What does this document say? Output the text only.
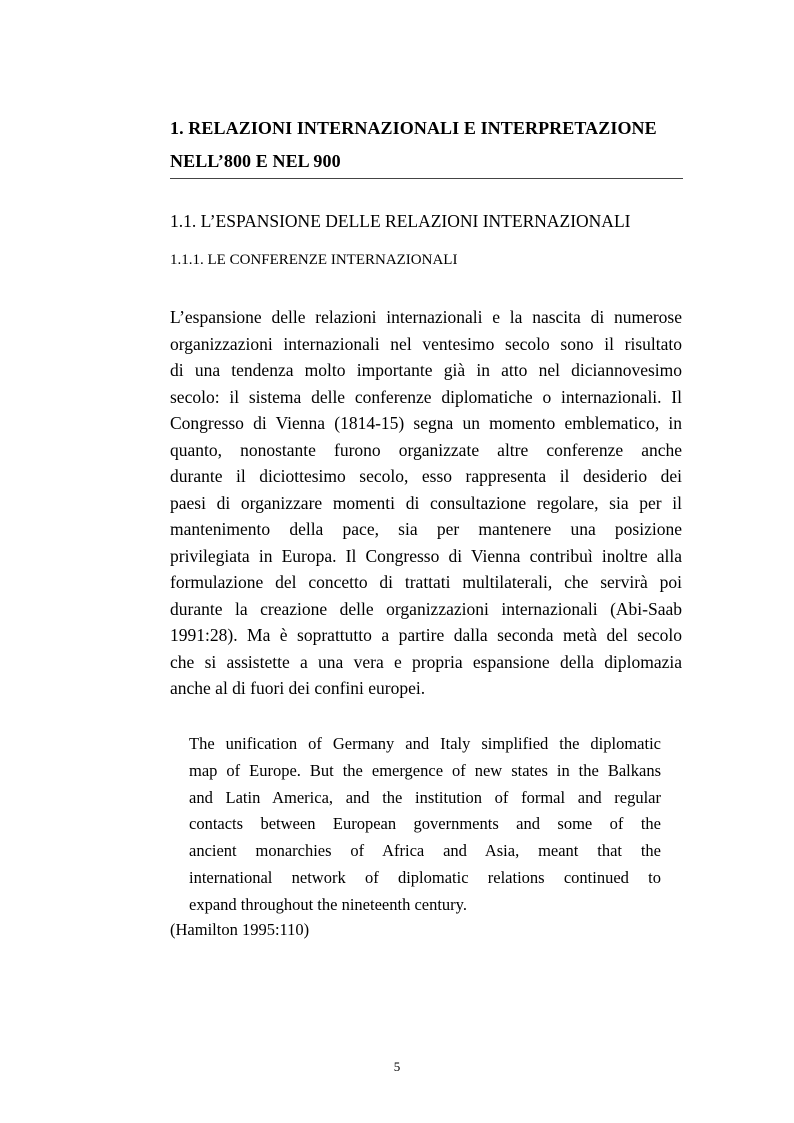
1. RELAZIONI INTERNAZIONALI E INTERPRETAZIONE
NELL’800 E NEL 900
1.1. L’ESPANSIONE DELLE RELAZIONI INTERNAZIONALI
1.1.1. LE CONFERENZE INTERNAZIONALI

L’espansione delle relazioni internazionali e la nascita di numerose
organizzazioni internazionali nel ventesimo secolo sono il risultato
di una tendenza molto importante già in atto nel diciannovesimo
secolo: il sistema delle conferenze diplomatiche o internazionali. Il
Congresso di Vienna (1814-15) segna un momento emblematico, in
quanto, nonostante furono organizzate altre conferenze anche
durante il diciottesimo secolo, esso rappresenta il desiderio dei
paesi di organizzare momenti di consultazione regolare, sia per il
mantenimento della pace, sia per mantenere una posizione
privilegiata in Europa. Il Congresso di Vienna contribuì inoltre alla
formulazione del concetto di trattati multilaterali, che servirà poi
durante la creazione delle organizzazioni internazionali (Abi-Saab
1991:28). Ma è soprattutto a partire dalla seconda metà del secolo
che si assistette a una vera e propria espansione della diplomazia
anche al di fuori dei confini europei.

The unification of Germany and Italy simplified the diplomatic
map of Europe. But the emergence of new states in the Balkans
and Latin America, and the institution of formal and regular
contacts between European governments and some of the
ancient monarchies of Africa and Asia, meant that the
international network of diplomatic relations continued to
expand throughout the nineteenth century.

(Hamilton 1995:110)

5
